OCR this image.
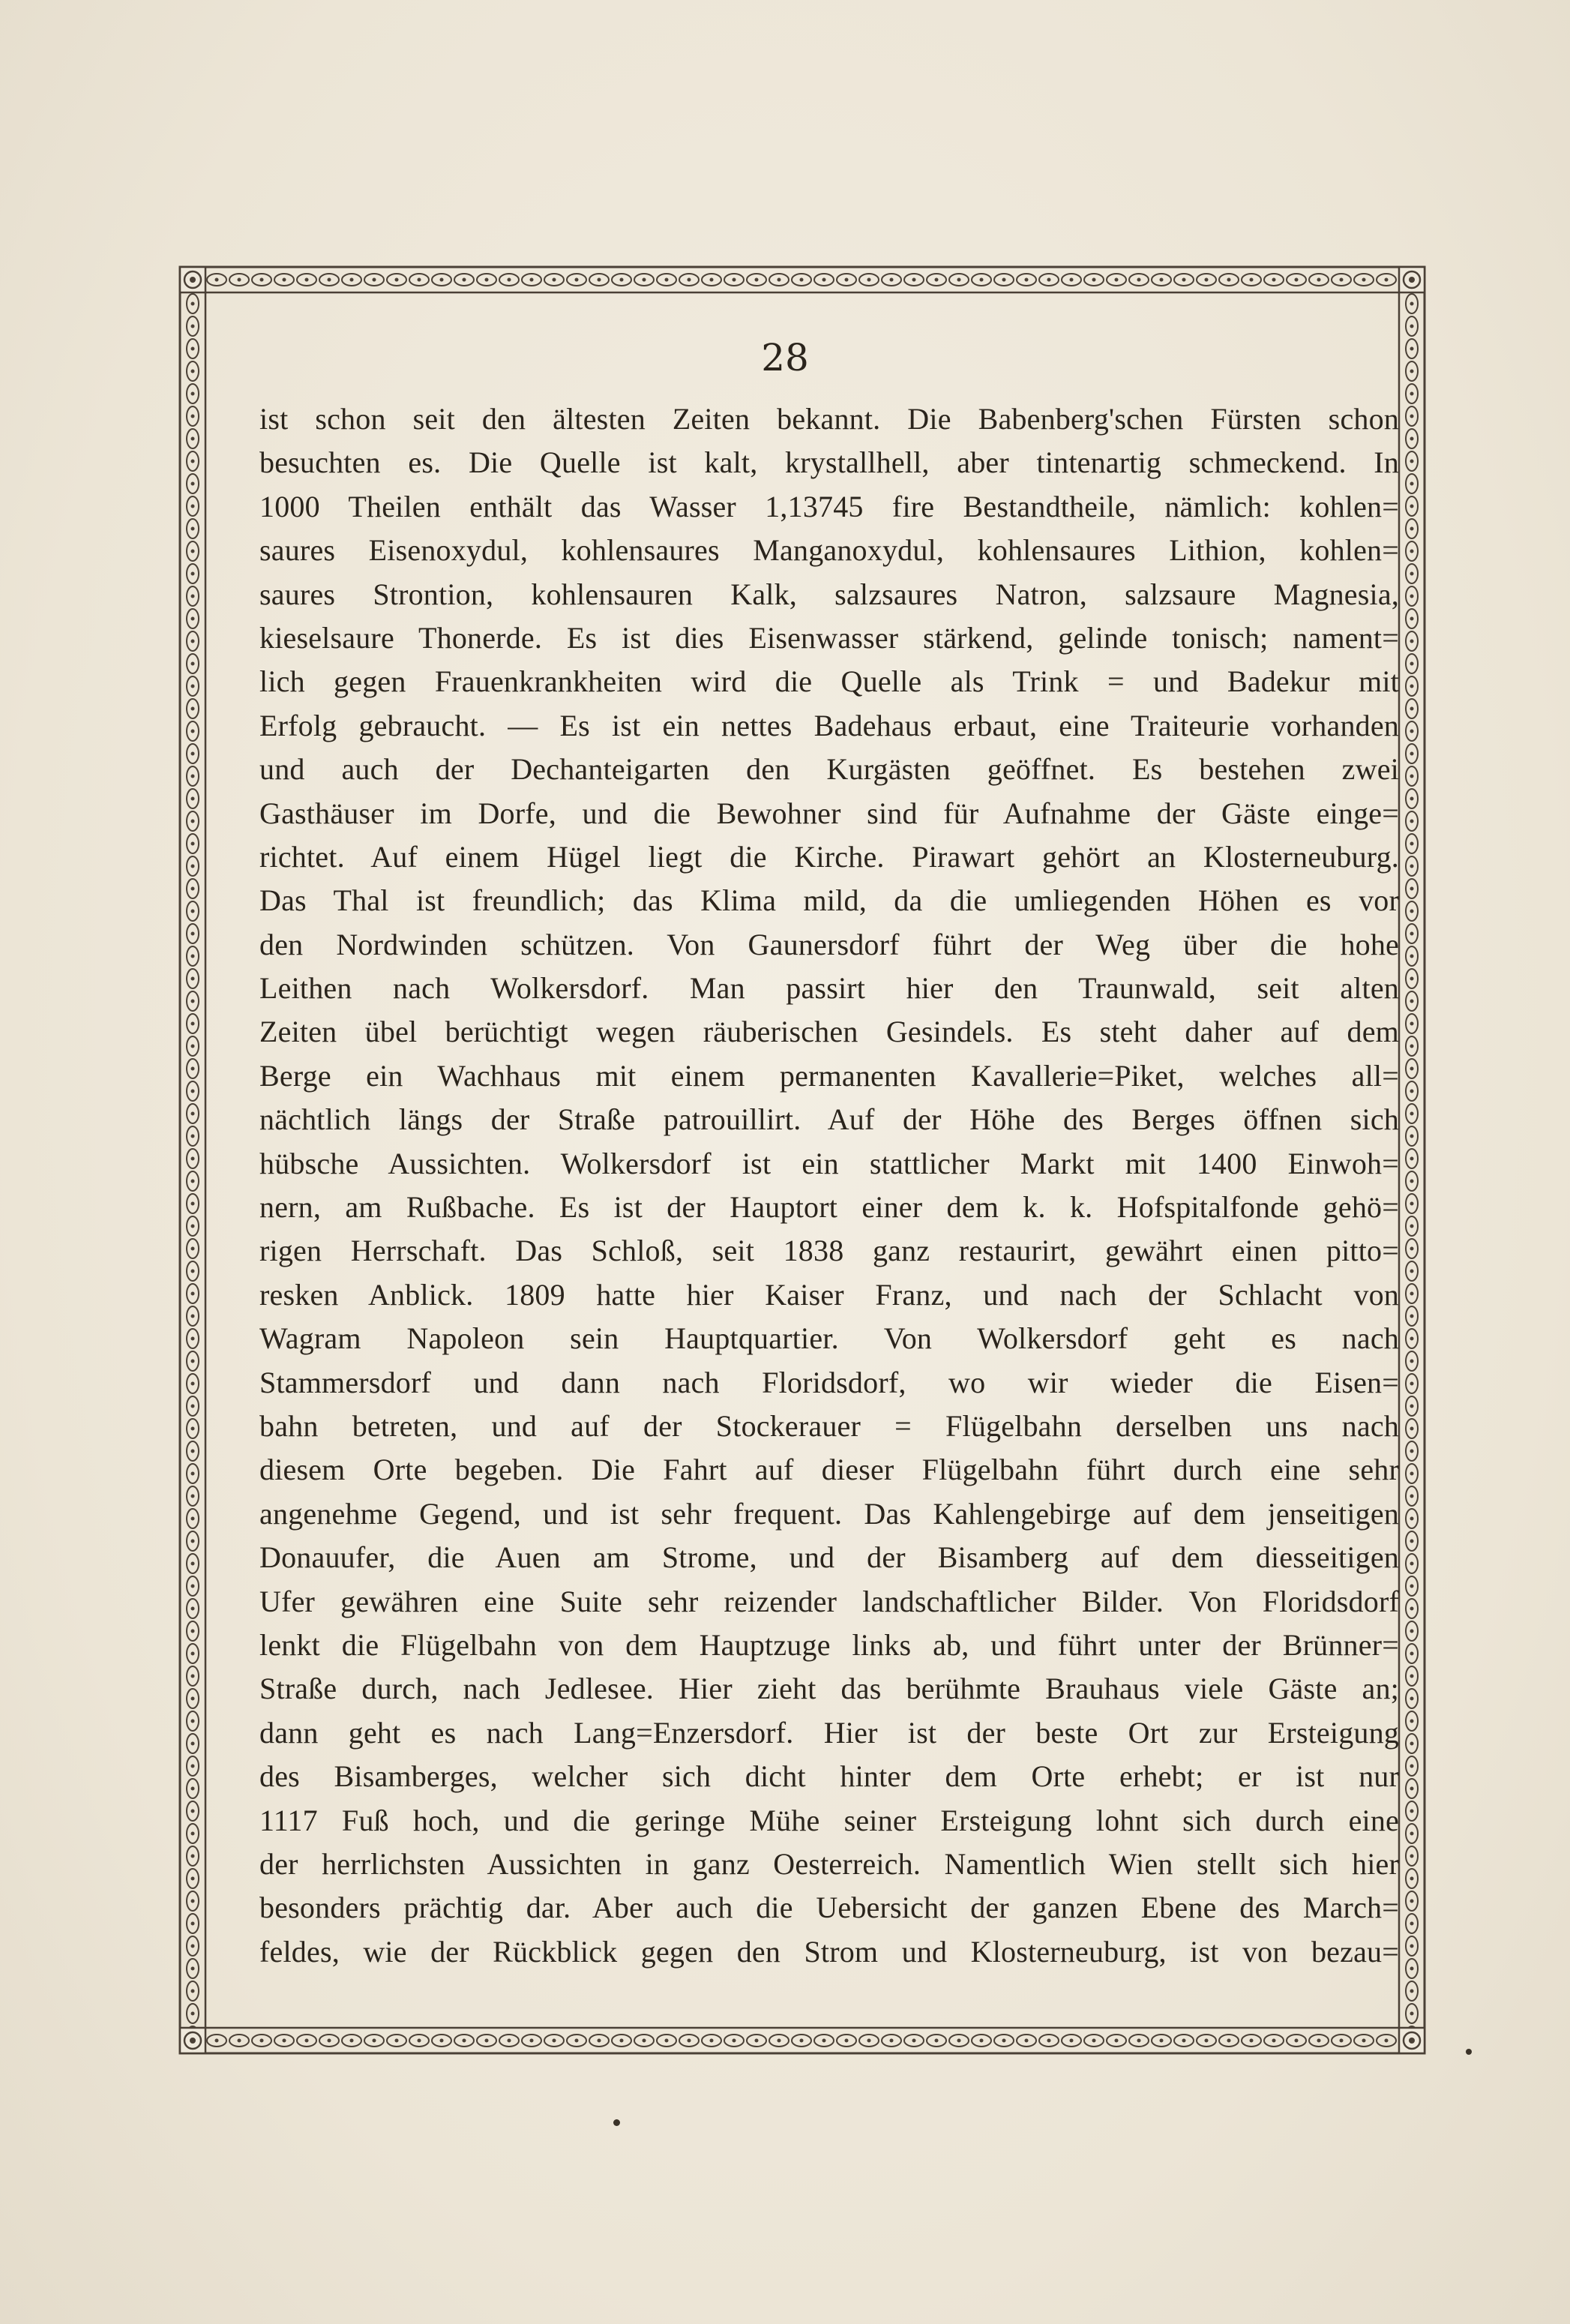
28
ist schon seit den ältesten Zeiten bekannt. Die Babenberg'schen Fürsten schon
besuchten es. Die Quelle ist kalt, krystallhell, aber tintenartig schmeckend. In
1000 Theilen enthält das Wasser 1,13745 fire Bestandtheile, nämlich: kohlen=
saures Eisenoxydul, kohlensaures Manganoxydul, kohlensaures Lithion, kohlen=
saures Strontion, kohlensauren Kalk, salzsaures Natron, salzsaure Magnesia,
kieselsaure Thonerde. Es ist dies Eisenwasser stärkend, gelinde tonisch; nament=
lich gegen Frauenkrankheiten wird die Quelle als Trink = und Badekur mit
Erfolg gebraucht. — Es ist ein nettes Badehaus erbaut, eine Traiteurie vorhanden
und auch der Dechanteigarten den Kurgästen geöffnet. Es bestehen zwei
Gasthäuser im Dorfe, und die Bewohner sind für Aufnahme der Gäste einge=
richtet. Auf einem Hügel liegt die Kirche. Pirawart gehört an Klosterneuburg.
Das Thal ist freundlich; das Klima mild, da die umliegenden Höhen es vor
den Nordwinden schützen. Von Gaunersdorf führt der Weg über die hohe
Leithen nach Wolkersdorf. Man passirt hier den Traunwald, seit alten
Zeiten übel berüchtigt wegen räuberischen Gesindels. Es steht daher auf dem
Berge ein Wachhaus mit einem permanenten Kavallerie=Piket, welches all=
nächtlich längs der Straße patrouillirt. Auf der Höhe des Berges öffnen sich
hübsche Aussichten. Wolkersdorf ist ein stattlicher Markt mit 1400 Einwoh=
nern, am Rußbache. Es ist der Hauptort einer dem k. k. Hofspitalfonde gehö=
rigen Herrschaft. Das Schloß, seit 1838 ganz restaurirt, gewährt einen pitto=
resken Anblick. 1809 hatte hier Kaiser Franz, und nach der Schlacht von
Wagram Napoleon sein Hauptquartier. Von Wolkersdorf geht es nach
Stammersdorf und dann nach Floridsdorf, wo wir wieder die Eisen=
bahn betreten, und auf der Stockerauer = Flügelbahn derselben uns nach
diesem Orte begeben. Die Fahrt auf dieser Flügelbahn führt durch eine sehr
angenehme Gegend, und ist sehr frequent. Das Kahlengebirge auf dem jenseitigen
Donauufer, die Auen am Strome, und der Bisamberg auf dem diesseitigen
Ufer gewähren eine Suite sehr reizender landschaftlicher Bilder. Von Floridsdorf
lenkt die Flügelbahn von dem Hauptzuge links ab, und führt unter der Brünner=
Straße durch, nach Jedlesee. Hier zieht das berühmte Brauhaus viele Gäste an;
dann geht es nach Lang=Enzersdorf. Hier ist der beste Ort zur Ersteigung
des Bisamberges, welcher sich dicht hinter dem Orte erhebt; er ist nur
1117 Fuß hoch, und die geringe Mühe seiner Ersteigung lohnt sich durch eine
der herrlichsten Aussichten in ganz Oesterreich. Namentlich Wien stellt sich hier
besonders prächtig dar. Aber auch die Uebersicht der ganzen Ebene des March=
feldes, wie der Rückblick gegen den Strom und Klosterneuburg, ist von bezau=
